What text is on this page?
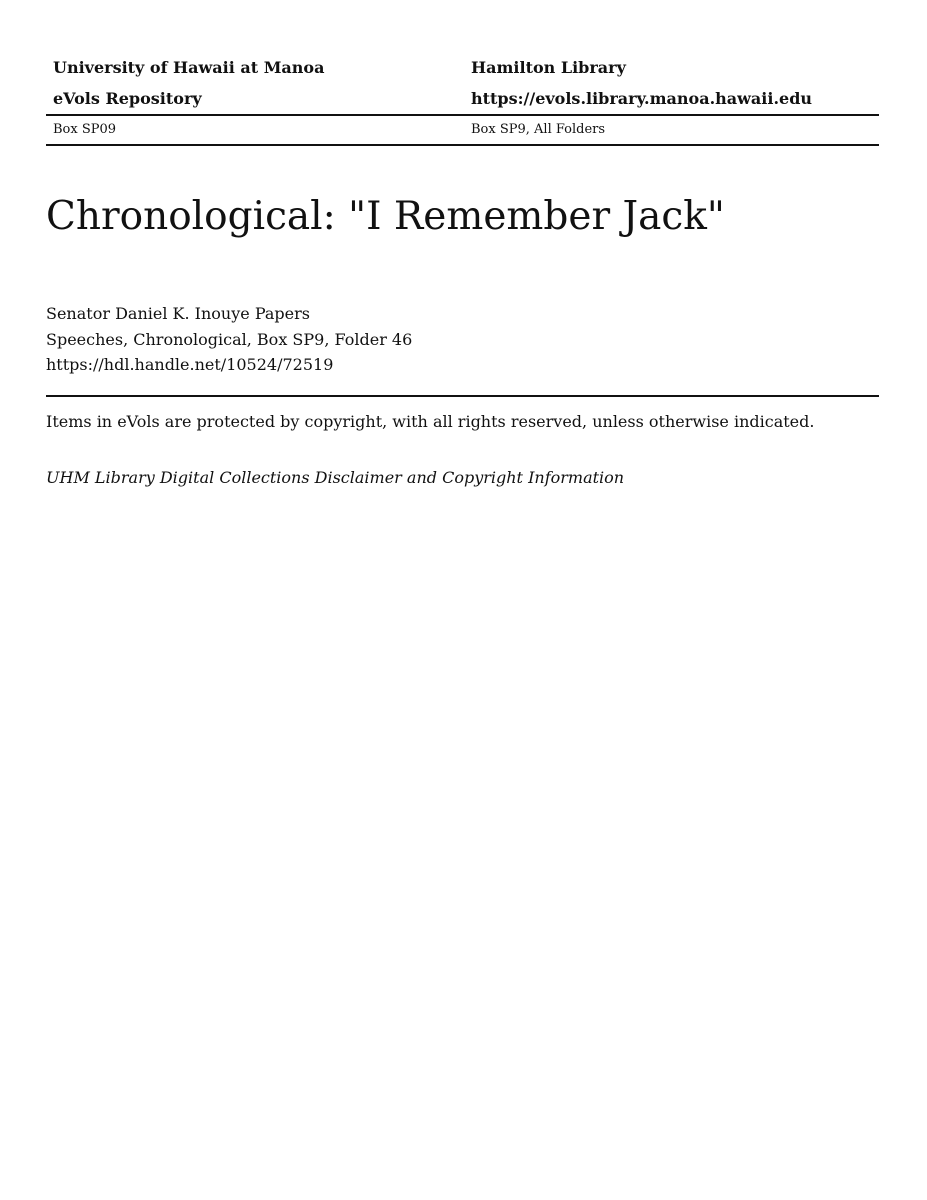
University of Hawaii at Manoa	Hamilton Library
eVols Repository	https://evols.library.manoa.hawaii.edu
Box SP09	Box SP9, All Folders
Chronological: "I Remember Jack"
Senator Daniel K. Inouye Papers
Speeches, Chronological, Box SP9, Folder 46
https://hdl.handle.net/10524/72519
Items in eVols are protected by copyright, with all rights reserved, unless otherwise indicated.
UHM Library Digital Collections Disclaimer and Copyright Information
